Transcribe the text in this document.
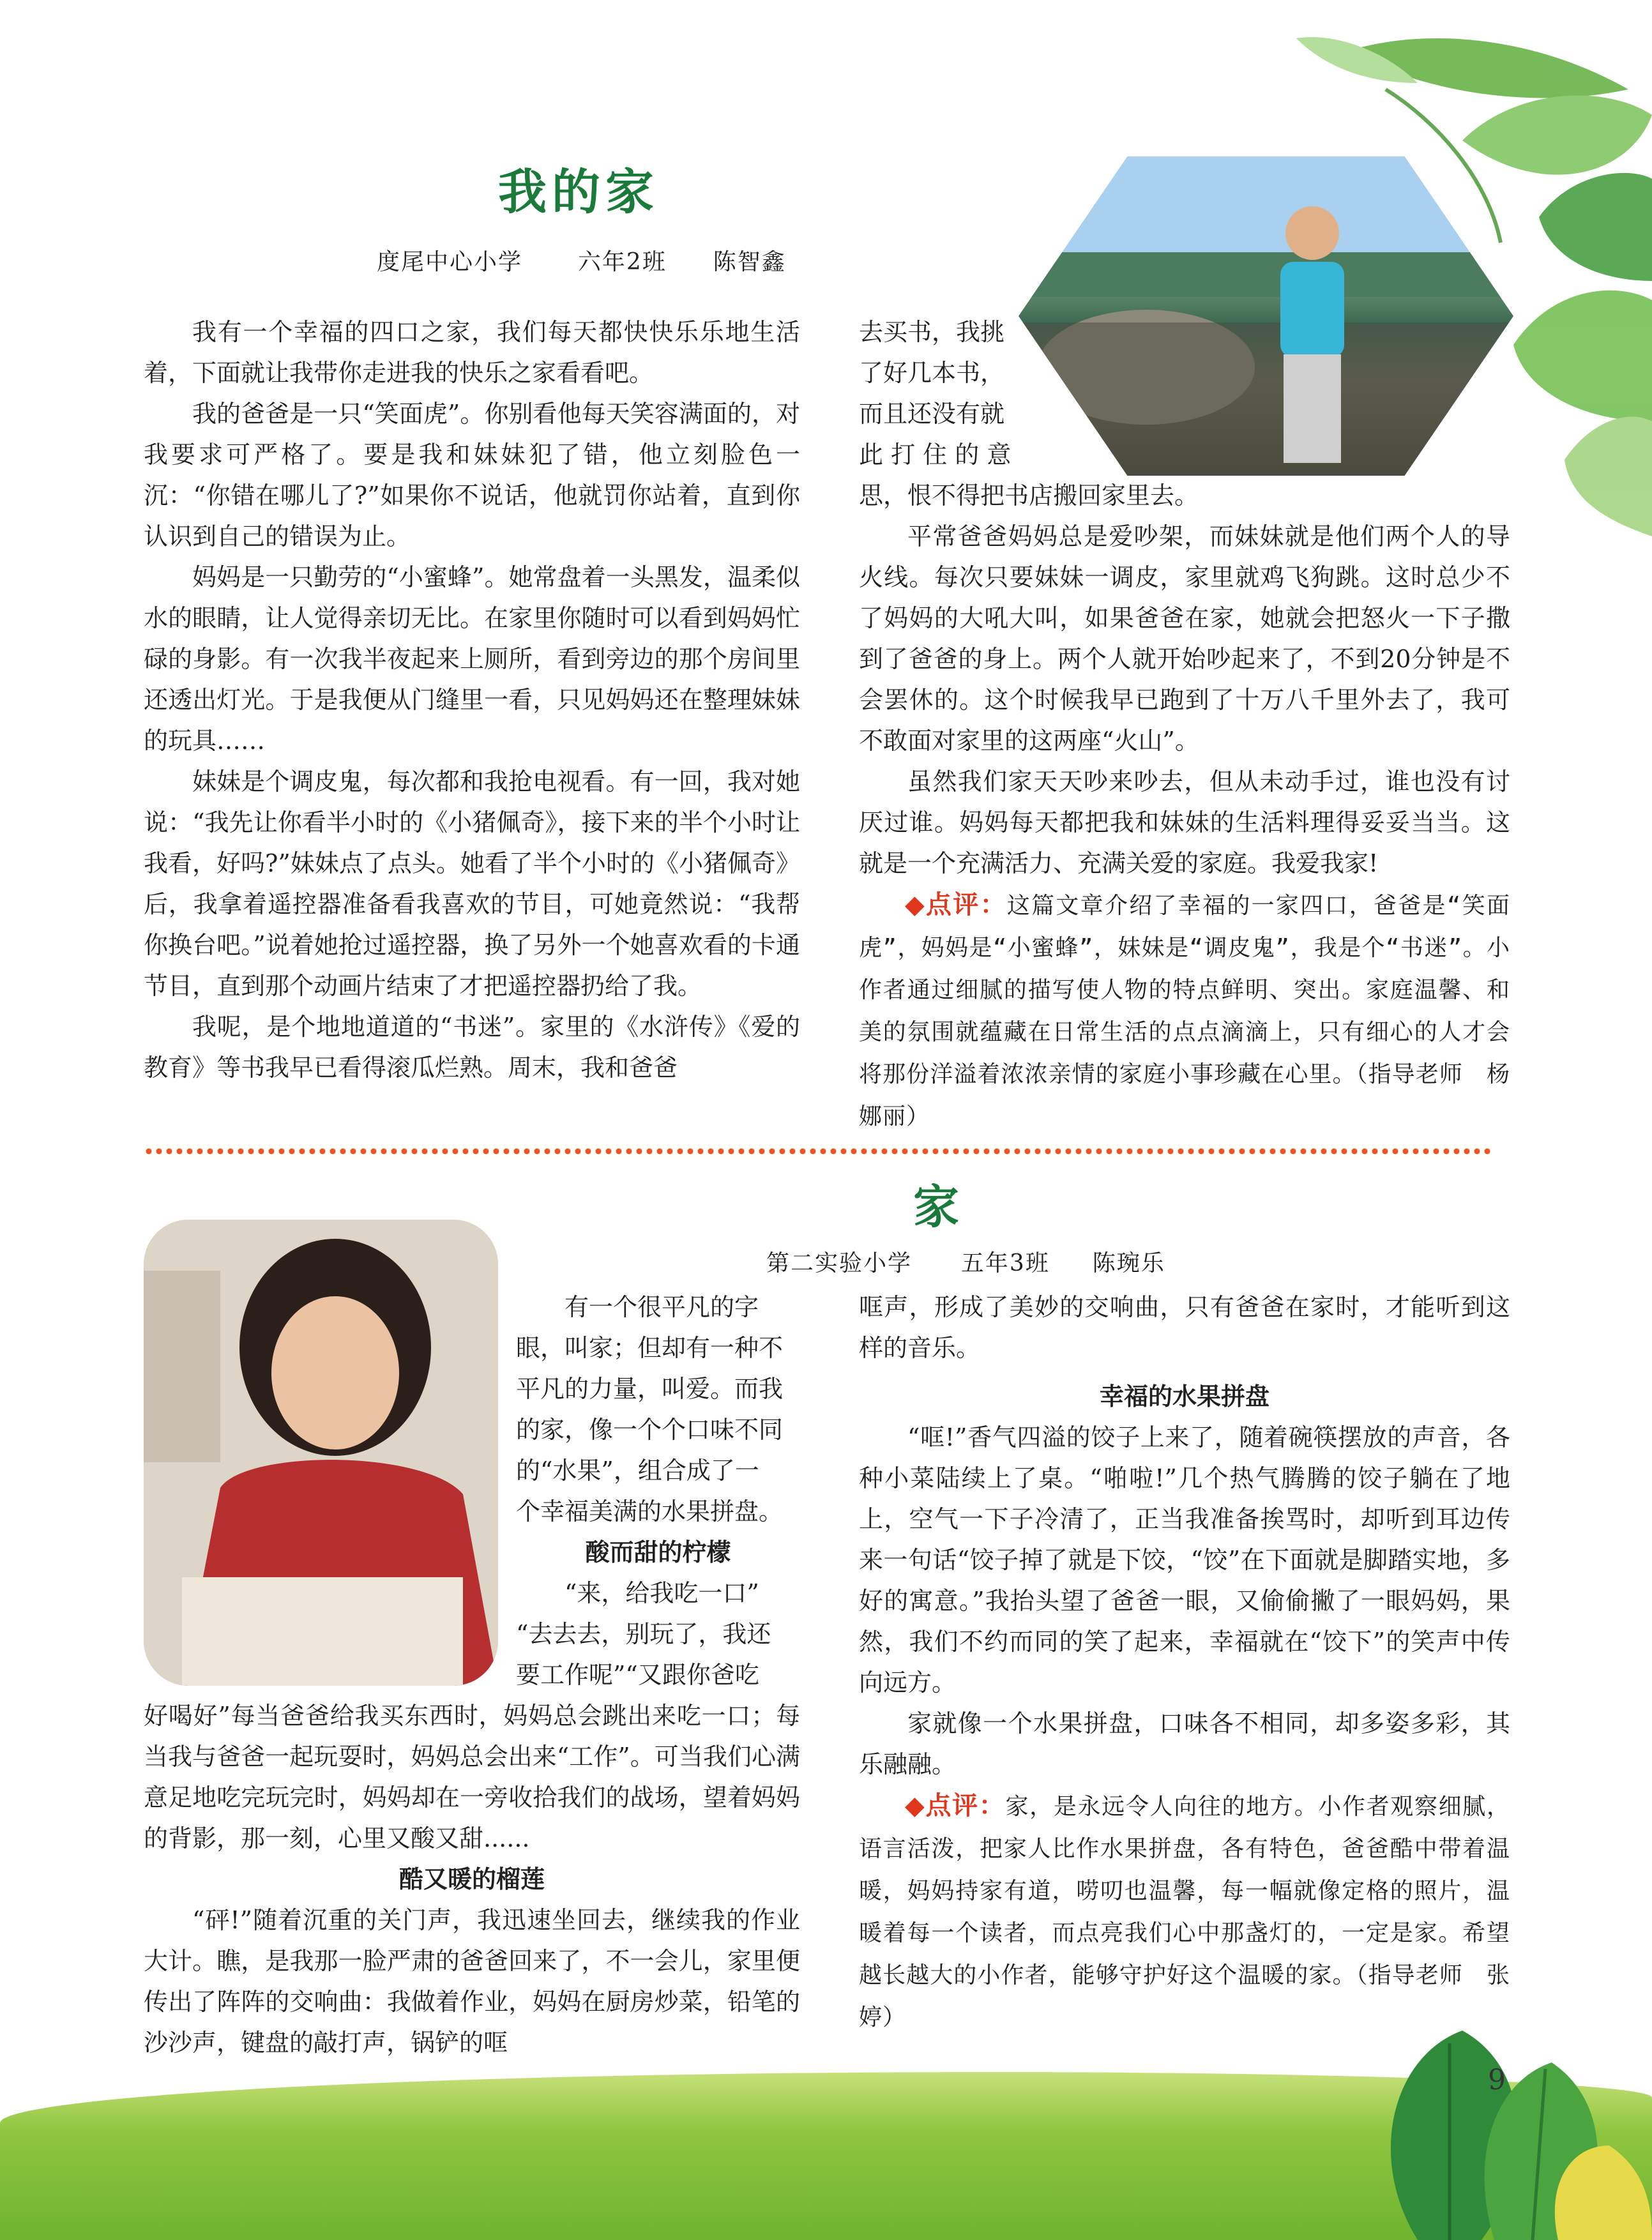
我的家
度尾中心小学 六年2班 陈智鑫

我有一个幸福的四口之家，我们每天都快快乐乐地生活着，下面就让我带你走进我的快乐之家看看吧。

我的爸爸是一只“笑面虎”。你别看他每天笑容满面的，对我要求可严格了。要是我和妹妹犯了错，他立刻脸色一沉：“你错在哪儿了?”如果你不说话，他就罚你站着，直到你认识到自己的错误为止。

妈妈是一只勤劳的“小蜜蜂”。她常盘着一头黑发，温柔似水的眼睛，让人觉得亲切无比。在家里你随时可以看到妈妈忙碌的身影。有一次我半夜起来上厕所，看到旁边的那个房间里还透出灯光。于是我便从门缝里一看，只见妈妈还在整理妹妹的玩具……

妹妹是个调皮鬼，每次都和我抢电视看。有一回，我对她说：“我先让你看半小时的《小猪佩奇》，接下来的半个小时让我看，好吗?”妹妹点了点头。她看了半个小时的《小猪佩奇》后，我拿着遥控器准备看我喜欢的节目，可她竟然说：“我帮你换台吧。”说着她抢过遥控器，换了另外一个她喜欢看的卡通节目，直到那个动画片结束了才把遥控器扔给了我。

我呢，是个地地道道的“书迷”。家里的《水浒传》《爱的教育》等书我早已看得滚瓜烂熟。周末，我和爸爸

去买书，我挑

了好几本书，

而且还没有就

此 打 住 的 意

思，恨不得把书店搬回家里去。

平常爸爸妈妈总是爱吵架，而妹妹就是他们两个人的导火线。每次只要妹妹一调皮，家里就鸡飞狗跳。这时总少不了妈妈的大吼大叫，如果爸爸在家，她就会把怒火一下子撒到了爸爸的身上。两个人就开始吵起来了，不到20分钟是不会罢休的。这个时候我早已跑到了十万八千里外去了，我可不敢面对家里的这两座“火山”。

虽然我们家天天吵来吵去，但从未动手过，谁也没有讨厌过谁。妈妈每天都把我和妹妹的生活料理得妥妥当当。这就是一个充满活力、充满关爱的家庭。我爱我家!

◆点评：这篇文章介绍了幸福的一家四口，爸爸是“笑面虎”，妈妈是“小蜜蜂”，妹妹是“调皮鬼”，我是个“书迷”。小作者通过细腻的描写使人物的特点鲜明、突出。家庭温馨、和美的氛围就蕴藏在日常生活的点点滴滴上，只有细心的人才会将那份洋溢着浓浓亲情的家庭小事珍藏在心里。（指导老师　杨娜丽）

家
第二实验小学 五年3班 陈琬乐

有一个很平凡的字

眼，叫家；但却有一种不

平凡的力量，叫爱。而我

的家，像一个个口味不同

的“水果”，组合成了一

个幸福美满的水果拼盘。

酸而甜的柠檬

“来，给我吃一口”

“去去去，别玩了，我还

要工作呢”“又跟你爸吃

好喝好”每当爸爸给我买东西时，妈妈总会跳出来吃一口；每当我与爸爸一起玩耍时，妈妈总会出来“工作”。可当我们心满意足地吃完玩完时，妈妈却在一旁收拾我们的战场，望着妈妈的背影，那一刻，心里又酸又甜......

酷又暖的榴莲

“砰!”随着沉重的关门声，我迅速坐回去，继续我的作业大计。瞧，是我那一脸严肃的爸爸回来了，不一会儿，家里便传出了阵阵的交响曲：我做着作业，妈妈在厨房炒菜，铅笔的沙沙声，键盘的敲打声，锅铲的哐

哐声，形成了美妙的交响曲，只有爸爸在家时，才能听到这样的音乐。

幸福的水果拼盘

“哐!”香气四溢的饺子上来了，随着碗筷摆放的声音，各种小菜陆续上了桌。“啪啦!”几个热气腾腾的饺子躺在了地上，空气一下子冷清了，正当我准备挨骂时，却听到耳边传来一句话“饺子掉了就是下饺，“饺”在下面就是脚踏实地，多好的寓意。”我抬头望了爸爸一眼，又偷偷撇了一眼妈妈，果然，我们不约而同的笑了起来，幸福就在“饺下”的笑声中传向远方。

家就像一个水果拼盘，口味各不相同，却多姿多彩，其乐融融。

◆点评：家，是永远令人向往的地方。小作者观察细腻，语言活泼，把家人比作水果拼盘，各有特色，爸爸酷中带着温暖，妈妈持家有道，唠叨也温馨，每一幅就像定格的照片，温暖着每一个读者，而点亮我们心中那盏灯的，一定是家。希望越长越大的小作者，能够守护好这个温暖的家。（指导老师　张婷）

9
